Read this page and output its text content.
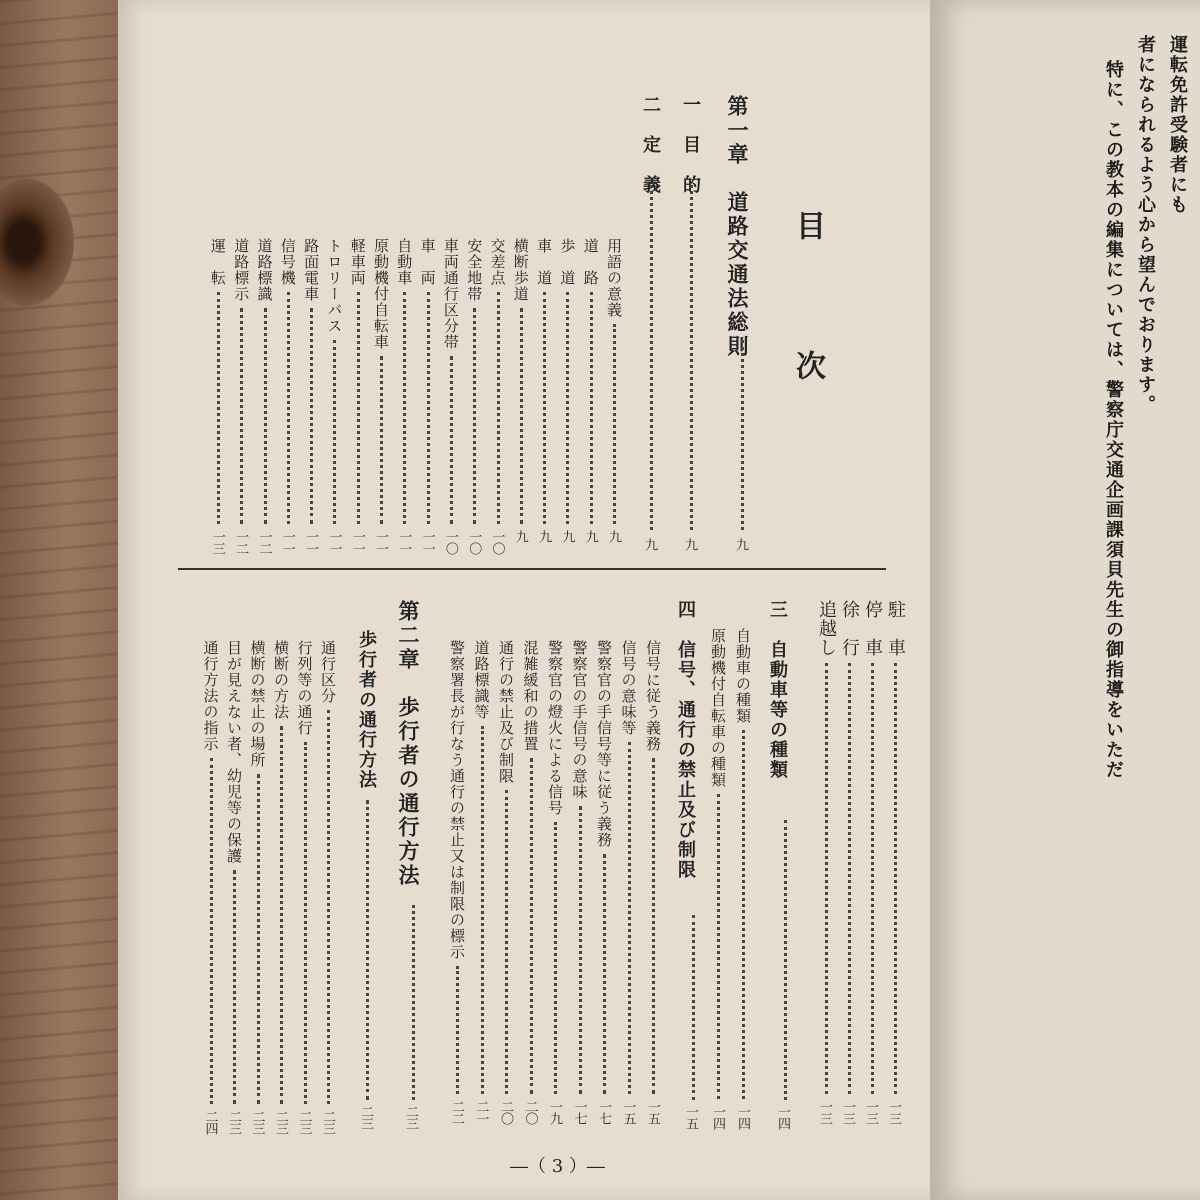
目　次
第一章　道路交通法総則
九
一　目　的
九
二　定　義
九
用語の意義
九
道　路
九
歩　道
九
車　道
九
横断歩道
九
交差点
一〇
安全地帯
一〇
車両通行区分帯
一〇
車　両
一一
自動車
一一
原動機付自転車
一一
軽車両
一一
トロリーバス
一一
路面電車
一一
信号機
一一
道路標識
一二
道路標示
一二
運　転
一三
駐　車
一三
停　車
一三
徐　行
一三
追越し
一三
三　自動車等の種類
一四
自動車の種類
一四
原動機付自転車の種類
一四
四　信号、通行の禁止及び制限
一五
信号に従う義務
一五
信号の意味等
一五
警察官の手信号等に従う義務
一七
警察官の手信号の意味
一七
警察官の燈火による信号
一九
混雑緩和の措置
二〇
通行の禁止及び制限
二〇
道路標識等
二一
警察署長が行なう通行の禁止又は制限の標示
二二
第二章　歩行者の通行方法
二三
歩行者の通行方法
二三
通行区分
二三
行列等の通行
二三
横断の方法
二三
横断の禁止の場所
二三
目が見えない者、幼児等の保護
二三
通行方法の指示
二四
―（ 3 ）―
運転免許受験者にも
者になられるよう心から望んでおります。
特に、この教本の編集については、警察庁交通企画課須貝先生の御指導をいただ
